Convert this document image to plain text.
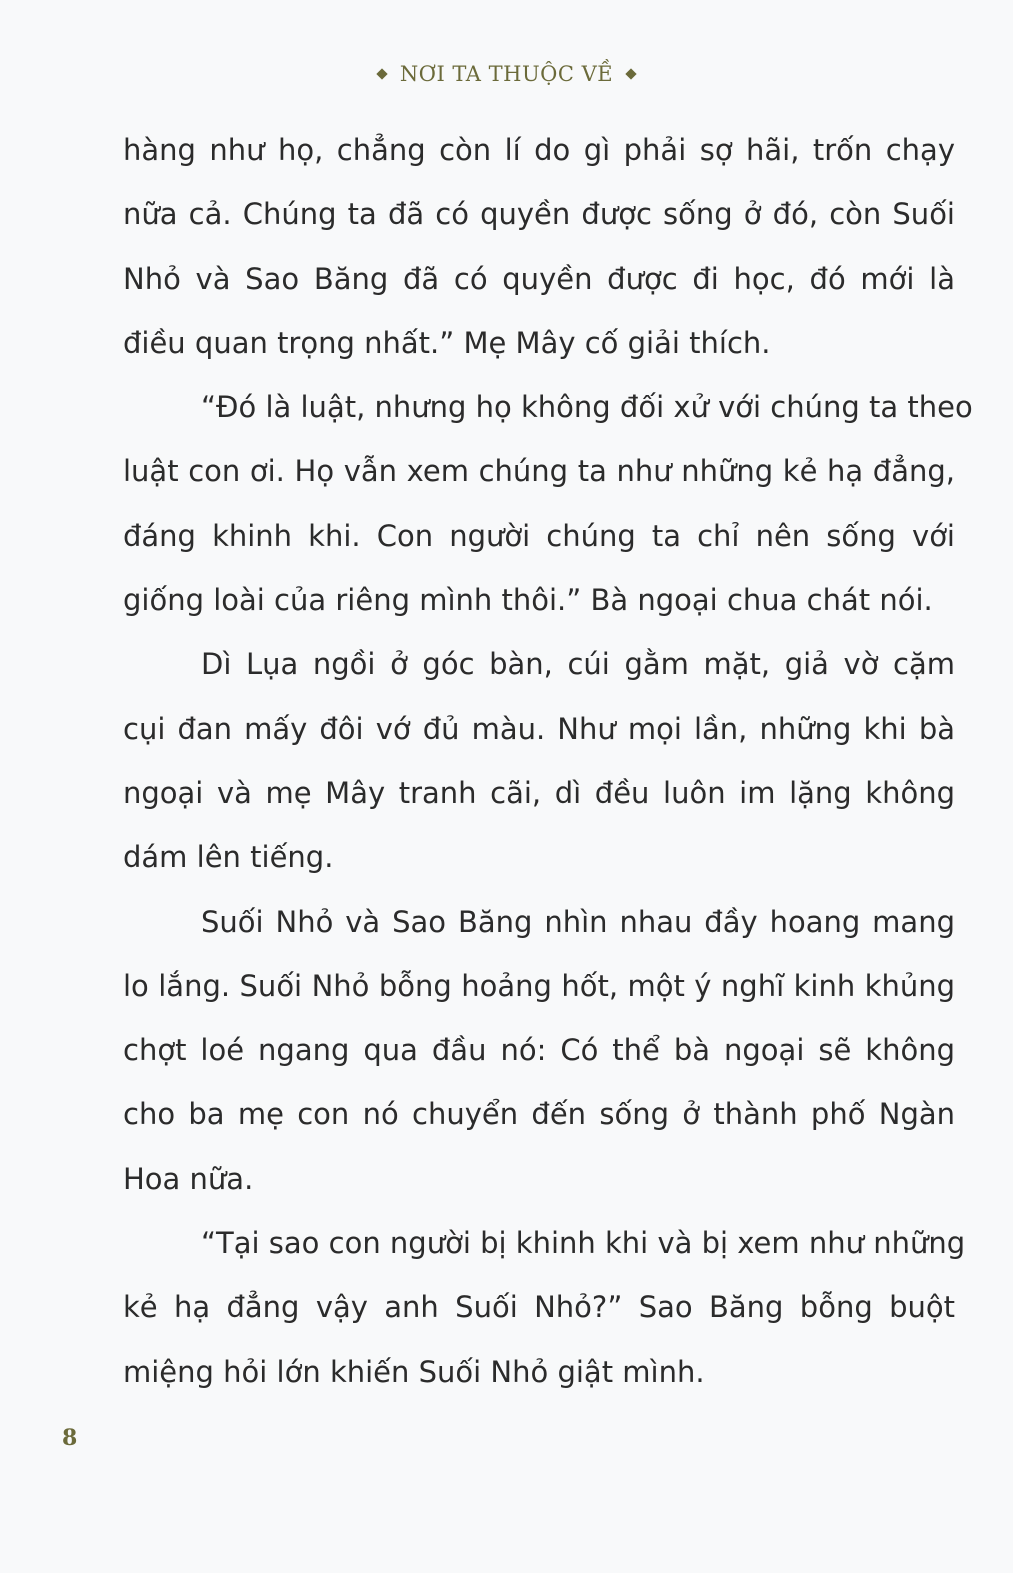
NƠI TA THUỘC VỀ
hàng như họ, chẳng còn lí do gì phải sợ hãi, trốn chạy
nữa cả. Chúng ta đã có quyền được sống ở đó, còn Suối
Nhỏ và Sao Băng đã có quyền được đi học, đó mới là
điều quan trọng nhất.” Mẹ Mây cố giải thích.
“Đó là luật, nhưng họ không đối xử với chúng ta theo
luật con ơi. Họ vẫn xem chúng ta như những kẻ hạ đẳng,
đáng khinh khi. Con người chúng ta chỉ nên sống với
giống loài của riêng mình thôi.” Bà ngoại chua chát nói.
Dì Lụa ngồi ở góc bàn, cúi gằm mặt, giả vờ cặm
cụi đan mấy đôi vớ đủ màu. Như mọi lần, những khi bà
ngoại và mẹ Mây tranh cãi, dì đều luôn im lặng không
dám lên tiếng.
Suối Nhỏ và Sao Băng nhìn nhau đầy hoang mang
lo lắng. Suối Nhỏ bỗng hoảng hốt, một ý nghĩ kinh khủng
chợt loé ngang qua đầu nó: Có thể bà ngoại sẽ không
cho ba mẹ con nó chuyển đến sống ở thành phố Ngàn
Hoa nữa.
“Tại sao con người bị khinh khi và bị xem như những
kẻ hạ đẳng vậy anh Suối Nhỏ?” Sao Băng bỗng buột
miệng hỏi lớn khiến Suối Nhỏ giật mình.
8
